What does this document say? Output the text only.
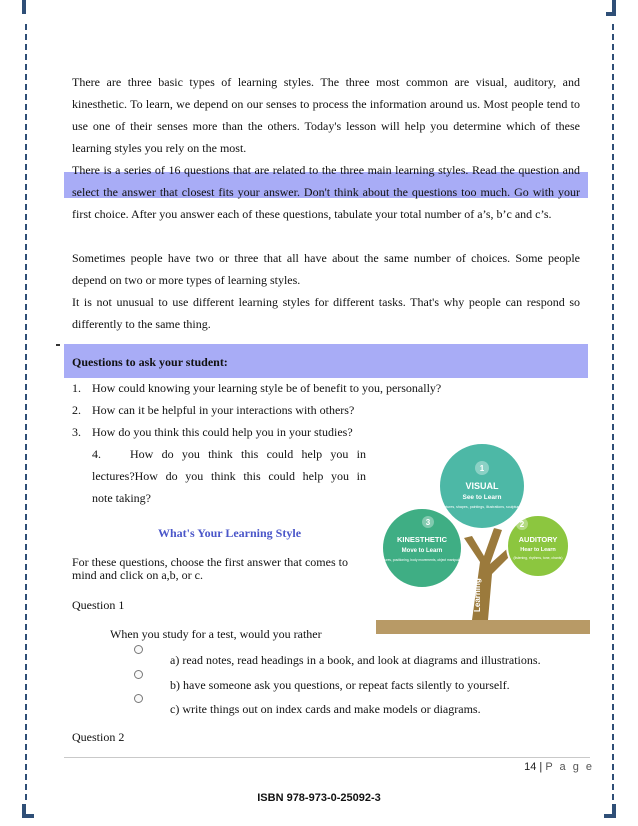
There are three basic types of learning styles. The three most common are visual, auditory, and kinesthetic. To learn, we depend on our senses to process the information around us. Most people tend to use one of their senses more than the others. Today's lesson will help you determine which of these learning styles you rely on the most.

There is a series of 16 questions that are related to the three main learning styles. Read the question and select the answer that closest fits your answer. Don't think about the questions too much. Go with your first choice. After you answer each of these questions, tabulate your total number of a’s, b’c and c’s.

Sometimes people have two or three that all have about the same number of choices. Some people depend on two or more types of learning styles.

It is not unusual to use different learning styles for different tasks. That's why people can respond so differently to the same thing.

Questions to ask your student:

1. How could knowing your learning style be of benefit to you, personally?
2. How can it be helpful in your interactions with others?
3. How do you think this could help you in your studies?
4.	How do you think this could help you in
lectures?How do you think this could help you in
note taking?
Learning
1
VISUAL
See to Learn
(pictures, shapes, paintings, illustrations, sculptures)
3
KINESTHETIC
Move to Learn
(gestures, positioning, body movements, object manipulation)
2
AUDITORY
Hear to Learn
(listening, rhythms, tone, chants)

What's Your Learning Style

For these questions, choose the first answer that comes to mind and click on a,b, or c.

Question 1

When you study for a test, would you rather

a) read notes, read headings in a book, and look at diagrams and illustrations.
b) have someone ask you questions, or repeat facts silently to yourself.
c) write things out on index cards and make models or diagrams.

Question 2

14 | P a g e
ISBN 978-973-0-25092-3
